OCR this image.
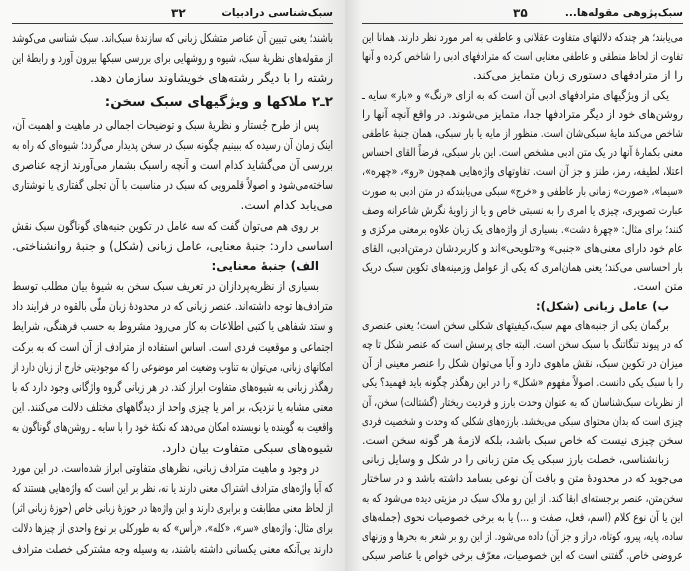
سبک‌شناسی درادبیات
۳۲
باشند؛ یعنی تبیین آن عناصر متشکل زبانی که سازندهٔ سبک‌اند. سبک شناسی می‌کوشد
از مقوله‌های نظریهٔ سبک، شیوه و روشهایی برای بررسی سبکها بیرون آورد و رابطهٔ این
رشته را با دیگر رشته‌های خویشاوند سازمان دهد.
۲ـ۲ ملاکها و ویژگیهای سبک سخن:
پس از طرح جُستار و نظریهٔ سبک و توضیحات اجمالی در ماهیت و اهمیت آن،
اینک زمان آن رسیده که ببینیم چگونه سبک در سخن پدیدار می‌گردد؛ شیوه‌ای که راه به
بررسی آن می‌گشاید کدام است و آنچه راسبک بشمار می‌آورند ازچه عناصری
ساخته‌می‌شود و اصولاً قلمرویی که سبک در مناسبت با آن تجلی گفتاری یا نوشتاری
می‌یابد کدام است.
بر روی هم می‌توان گفت که سه عامل در تکوین جنبه‌های گوناگون سبک نقش
اساسی دارد: جنبهٔ معنایی، عامل زبانی (شکل) و جنبهٔ روانشناختی.
الف) جنبهٔ معنایی:
بسیاری از نظریه‌پردازان در تعریف سبک سخن به شیوهٔ بیان مطلب توسط
مترادف‌ها توجه داشته‌اند. عنصر زبانی که در محدودهٔ زبان ملّی بالقوه در فرایند داد
و ستد شفاهی یا کتبی اطلاعات به کار می‌رود مشروط به حسب فرهنگی، شرایط
اجتماعی و موقعیت فردی است. اساس استفاده از مترادف از آن است که به برکت
امکانهای زبانی، می‌توان به تناوب وضعیت امر موضوعی را که موجودیتی خارج از زبان دارد از
رهگذر زبانی به شیوه‌های متفاوت ابراز کند. در هر زبانی گروه واژگانی وجود دارد که با
معنی مشابه یا نزدیک، بر امر یا چیزی واحد از دیدگاههای مختلف دلالت می‌کنند. این
واقعیت به گوینده یا نویسنده امکان می‌دهد که نکتهٔ خود را با سایه ـ روشن‌های گوناگون به
شیوه‌های سبکی متفاوت بیان دارد.
در وجود و ماهیت مترادف زبانی، نظرهای متفاوتی ابراز شده‌است. در این مورد
که آیا واژه‌های مترادف اشتراک معنی دارند یا نه، نظر بر این است که واژه‌هایی هستند که
از لحاظ معنی مطابقت و برابری دارند و این واژه‌ها در حوزهٔ زبانی خاص (حوزهٔ زبانی اثر)
برای مثال: واژه‌های «سر»، «کله»، «رأس» که به طورکلی بر نوع واحدی از چیزها دلالت
دارند بی‌آنکه معنی یکسانی داشته باشند، به وسیله وجه مشترکی خصلت مترادف
سبک‌پژوهی مقوله‌ها...
۳۵
می‌یابند؛ هر چندکه دلالتهای متفاوت عقلانی و عاطفی به امر مورد نظر دارند. همانا این
تفاوت از لحاظ منطقی و عاطفی معنایی است که مترادفهای ادبی را شاخص کرده و آنها
را از مترادفهای دستوری زبان متمایز می‌کند.
یکی از ویژگیهای مترادفهای ادبی آن است که به ازای «رنگ» و «بار» سایه ـ
روشن‌های خود از دیگر مترادفها جدا، متمایز می‌شوند. در واقع آنچه آنها را
شاخص می‌کند مایهٔ سبکی‌شان است. منظور از مایه یا بار سبکی، همان جنبهٔ عاطفی
معنی بکمارهٔ آنها در یک متن ادبی مشخص است. این بار سبکی، فرضاً القای احساس
اعتلا، لطیفه، رمز، طنز و جز آن است. تفاوتهای واژه‌هایی همچون «رو»، «چهره»،
«سیما»، «صورت» زمانی بار عاطفی و «خرج» سبکی می‌یابندکه در متن ادبی به صورت
عبارت تصویری، چیزی یا امری را به نسبتی خاص و یا از زاویهٔ نگرش شاعرانه وصف
کنند؛ برای مثال: «چهرهٔ دشت». بسیاری از واژه‌های یک زبان علاوه برمعنی مرکزی و
عام خود دارای معنی‌های «جنبی» و«تلویحی»اند و کاربردشان درمتن‌ادبی، القای
بار احساسی می‌کند؛ یعنی همان‌امری که یکی از عوامل وزمینه‌های تکوین سبک دریک
متن است.
ب) عامل زبانی (شکل):
برگمان یکی از جنبه‌های مهم سبک،کیفیتهای شکلی سخن است؛ یعنی عنصری
که در پیوند تنگاتنگ با سبک سخن است. البته جای پرسش است که عنصر شکل تا چه
میزان در تکوین سبک، نقش ماهوی دارد و آیا می‌توان شکل را عنصر معینی از آن
را با سبک یکی دانست. اصولاً مفهوم «شکل» را در این رهگذر چگونه باید فهمید؟ یکی
از نظریات سبک‌شناسان که به عنوان وحدت بارز و فردیت ریختار (گشتالت) سخن، آن
چیزی است که بدان محتوای سبکی می‌بخشد. بارزه‌های شکلی که وحدت و شخصیت فردی
سخن چیزی نیست که خاص سبک باشد، بلکه لازمهٔ هر گونه سخن است.
زبانشناسی، خصلت بارز سبکی یک متن زبانی را در شکل و وسایل زبانی
می‌جوید که در محدودهٔ متن و بافت آن نوعی بسامد داشته باشد و در ساختار
سخن‌متن، عنصر برجسته‌ای ابقا کند. از این رو ملاک سبک در مزیتی دیده می‌شود که به
این یا آن نوع کلام (اسم، فعل، صفت و ...) یا به برخی خصوصیات نحوی (جمله‌های
ساده، پایه، پیرو، کوتاه، دراز و جز آن) داده می‌شود. از این رو بر شعر به بحرها و وزنهای
عروضی خاص. گفتنی است که این خصوصیات، معرّف برخی خواص یا عناصر سبکی
